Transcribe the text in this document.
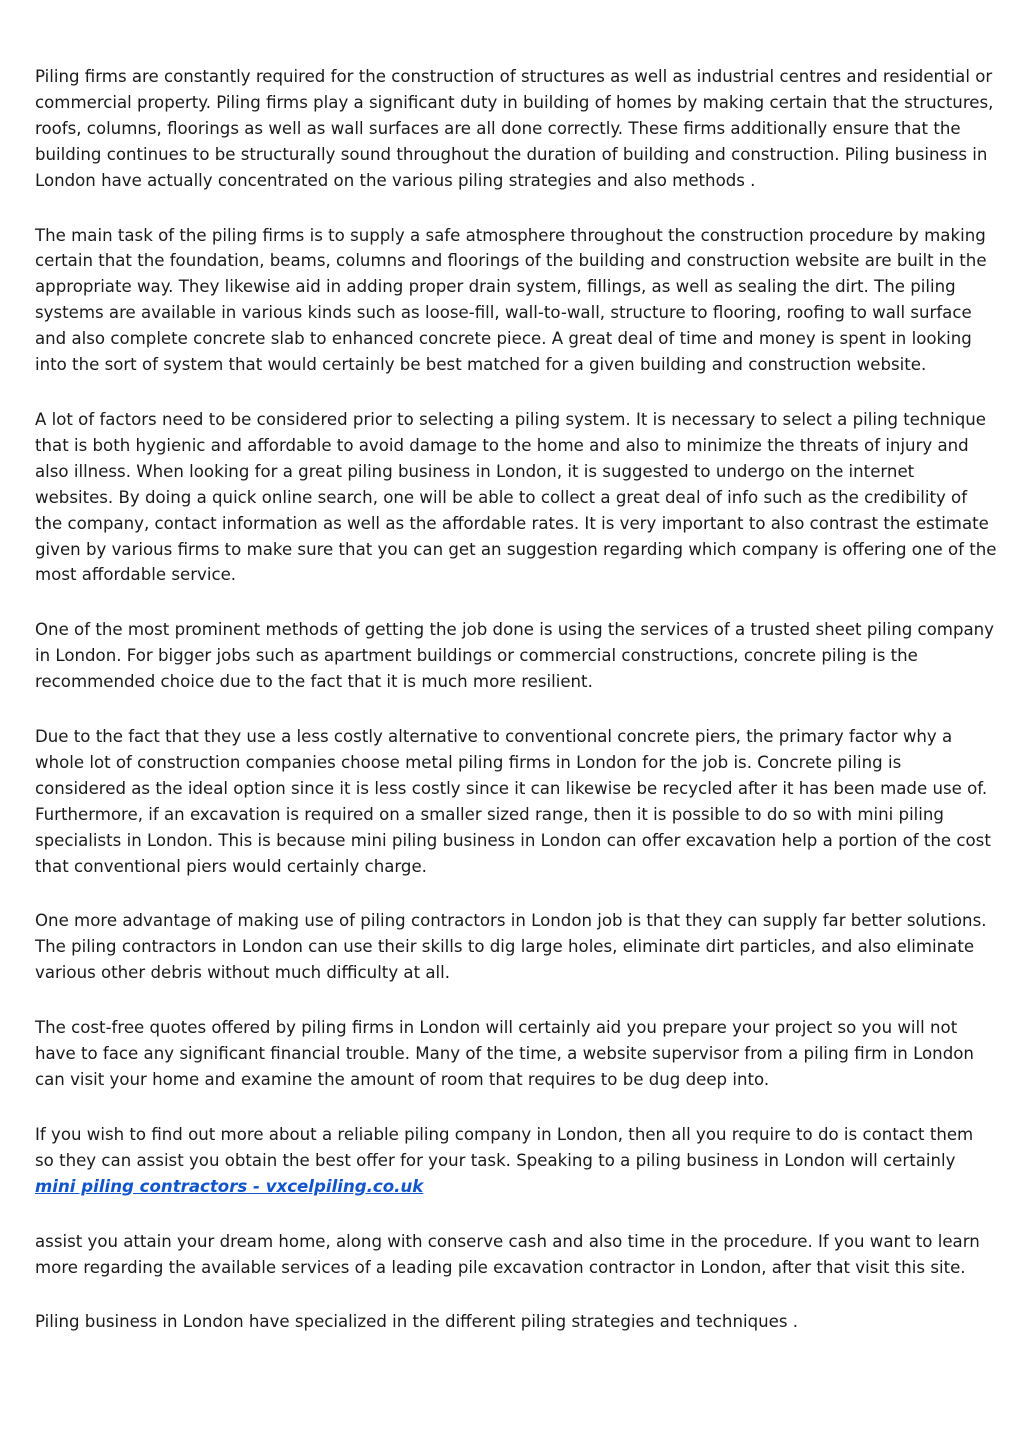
Piling firms are constantly required for the construction of structures as well as industrial centres and residential or commercial property. Piling firms play a significant duty in building of homes by making certain that the structures, roofs, columns, floorings as well as wall surfaces are all done correctly. These firms additionally ensure that the building continues to be structurally sound throughout the duration of building and construction. Piling business in London have actually concentrated on the various piling strategies and also methods .

The main task of the piling firms is to supply a safe atmosphere throughout the construction procedure by making certain that the foundation, beams, columns and floorings of the building and construction website are built in the appropriate way. They likewise aid in adding proper drain system, fillings, as well as sealing the dirt. The piling systems are available in various kinds such as loose-fill, wall-to-wall, structure to flooring, roofing to wall surface and also complete concrete slab to enhanced concrete piece. A great deal of time and money is spent in looking into the sort of system that would certainly be best matched for a given building and construction website.

A lot of factors need to be considered prior to selecting a piling system. It is necessary to select a piling technique that is both hygienic and affordable to avoid damage to the home and also to minimize the threats of injury and also illness. When looking for a great piling business in London, it is suggested to undergo on the internet websites. By doing a quick online search, one will be able to collect a great deal of info such as the credibility of the company, contact information as well as the affordable rates. It is very important to also contrast the estimate given by various firms to make sure that you can get an suggestion regarding which company is offering one of the most affordable service.

One of the most prominent methods of getting the job done is using the services of a trusted sheet piling company in London. For bigger jobs such as apartment buildings or commercial constructions, concrete piling is the recommended choice due to the fact that it is much more resilient.

Due to the fact that they use a less costly alternative to conventional concrete piers, the primary factor why a whole lot of construction companies choose metal piling firms in London for the job is. Concrete piling is considered as the ideal option since it is less costly since it can likewise be recycled after it has been made use of. Furthermore, if an excavation is required on a smaller sized range, then it is possible to do so with mini piling specialists in London. This is because mini piling business in London can offer excavation help a portion of the cost that conventional piers would certainly charge.

One more advantage of making use of piling contractors in London job is that they can supply far better solutions. The piling contractors in London can use their skills to dig large holes, eliminate dirt particles, and also eliminate various other debris without much difficulty at all.

The cost-free quotes offered by piling firms in London will certainly aid you prepare your project so you will not have to face any significant financial trouble. Many of the time, a website supervisor from a piling firm in London can visit your home and examine the amount of room that requires to be dug deep into.

If you wish to find out more about a reliable piling company in London, then all you require to do is contact them so they can assist you obtain the best offer for your task. Speaking to a piling business in London will certainly
mini piling contractors - vxcelpiling.co.uk

assist you attain your dream home, along with conserve cash and also time in the procedure. If you want to learn more regarding the available services of a leading pile excavation contractor in London, after that visit this site.

Piling business in London have specialized in the different piling strategies and techniques .
